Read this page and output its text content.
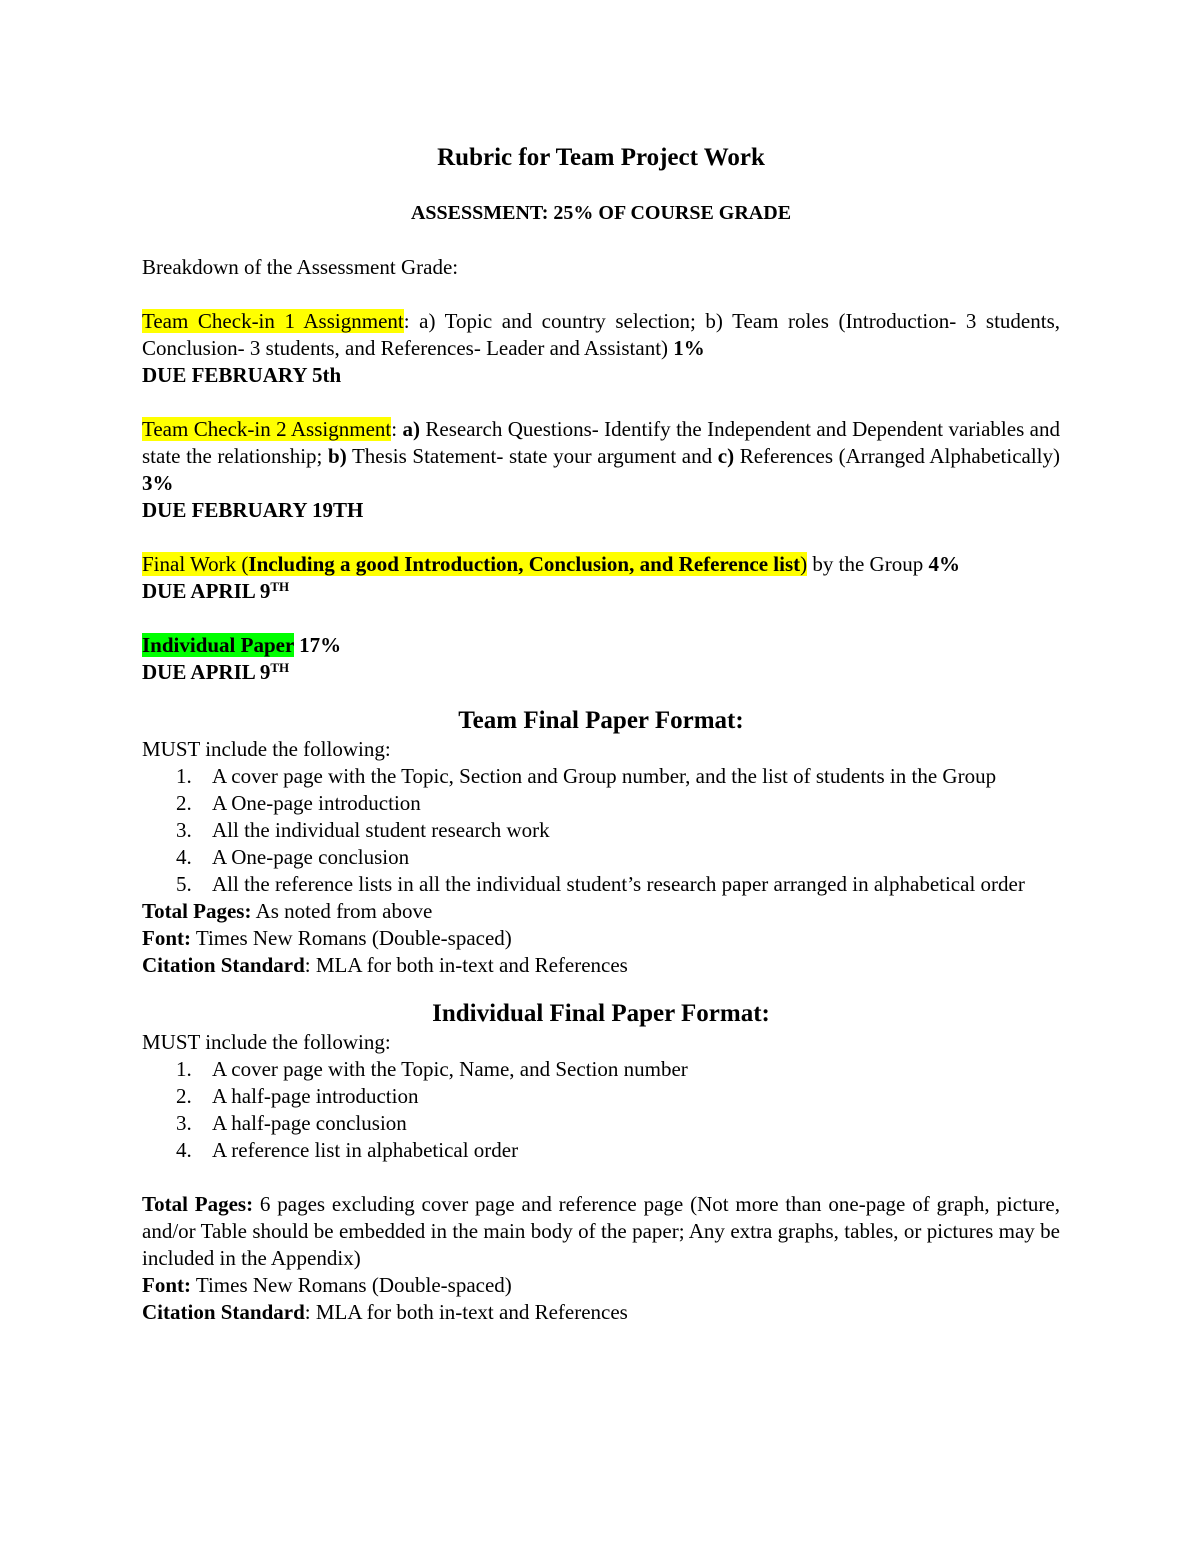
Rubric for Team Project Work

ASSESSMENT: 25% OF COURSE GRADE

Breakdown of the Assessment Grade:

Team Check-in 1 Assignment: a) Topic and country selection; b) Team roles (Introduction- 3 students, Conclusion- 3 students, and References- Leader and Assistant) 1%

DUE FEBRUARY 5th

Team Check-in 2 Assignment: a) Research Questions- Identify the Independent and Dependent variables and state the relationship; b) Thesis Statement- state your argument and c) References (Arranged Alphabetically) 3%

DUE FEBRUARY 19TH

Final Work (Including a good Introduction, Conclusion, and Reference list) by the Group 4%

DUE APRIL 9TH

Individual Paper 17%

DUE APRIL 9TH

Team Final Paper Format:

MUST include the following:

1. A cover page with the Topic, Section and Group number, and the list of students in the Group
2. A One-page introduction
3. All the individual student research work
4. A One-page conclusion
5. All the reference lists in all the individual student’s research paper arranged in alphabetical order

Total Pages: As noted from above

Font: Times New Romans (Double-spaced)

Citation Standard: MLA for both in-text and References

Individual Final Paper Format:

MUST include the following:

1. A cover page with the Topic, Name, and Section number
2. A half-page introduction
3. A half-page conclusion
4. A reference list in alphabetical order

Total Pages: 6 pages excluding cover page and reference page (Not more than one-page of graph, picture, and/or Table should be embedded in the main body of the paper; Any extra graphs, tables, or pictures may be included in the Appendix)

Font: Times New Romans (Double-spaced)

Citation Standard: MLA for both in-text and References
